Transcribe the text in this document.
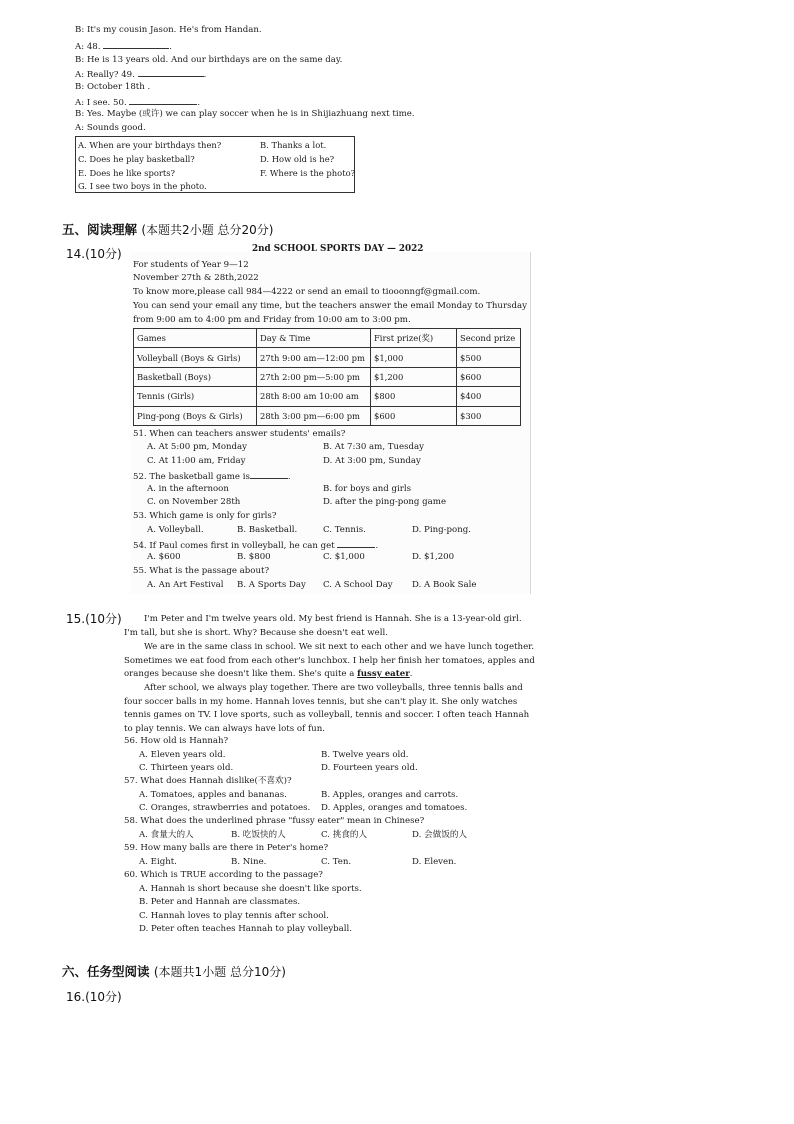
B: It's my cousin Jason. He's from Handan.
A: 48.	.
B: He is 13 years old. And our birthdays are on the same day.
A: Really? 49.	.
B: October 18th .
A: I see. 50.	.
B: Yes. Maybe (或许) we can play soccer when he is in Shijiazhuang next time.
A: Sounds good.
A. When are your birthdays then?	B. Thanks a lot.
C. Does he play basketball?	D. How old is he?
E. Does he like sports?	F. Where is the photo?
G. I see two boys in the photo.
五、阅读理解 (本题共2小题 总分20分)
14.(10分)	2nd SCHOOL SPORTS DAY — 2022
For students of Year 9—12
November 27th & 28th,2022
To know more,please call 984—4222 or send an email to tiooonngf@gmail.com.
You can send your email any time, but the teachers answer the email Monday to Thursday
from 9:00 am to 4:00 pm and Friday from 10:00 am to 3:00 pm.
Games	Day & Time	First prize(奖)	Second prize
Volleyball (Boys & Girls)	27th 9:00 am—12:00 pm	$1,000	$500
Basketball (Boys)	27th 2:00 pm—5:00 pm	$1,200	$600
Tennis (Girls)	28th 8:00 am 10:00 am	$800	$400
Ping-pong (Boys & Girls)	28th 3:00 pm—6:00 pm	$600	$300
51. When can teachers answer students' emails?
A. At 5:00 pm, Monday	B. At 7:30 am, Tuesday
C. At 11:00 am, Friday	D. At 3:00 pm, Sunday
52. The basketball game is	.
A. in the afternoon	B. for boys and girls
C. on November 28th	D. after the ping-pong game
53. Which game is only for girls?
A. Volleyball.	B. Basketball.	C. Tennis.	D. Ping-pong.
54. If Paul comes first in volleyball, he can get	.
A. $600	B. $800	C. $1,000	D. $1,200
55. What is the passage about?
A. An Art Festival B. A Sports Day C. A School Day D. A Book Sale
15.(10分)	I'm Peter and I'm twelve years old. My best friend is Hannah. She is a 13-year-old girl.
I'm tall, but she is short. Why? Because she doesn't eat well.
We are in the same class in school. We sit next to each other and we have lunch together.
Sometimes we eat food from each other's lunchbox. I help her finish her tomatoes, apples and
oranges because she doesn't like them. She's quite a fussy eater.
After school, we always play together. There are two volleyballs, three tennis balls and
four soccer balls in my home. Hannah loves tennis, but she can't play it. She only watches
tennis games on TV. I love sports, such as volleyball, tennis and soccer. I often teach Hannah
to play tennis. We can always have lots of fun.
56. How old is Hannah?
A. Eleven years old.	B. Twelve years old.
C. Thirteen years old.	D. Fourteen years old.
57. What does Hannah dislike(不喜欢)?
A. Tomatoes, apples and bananas.	B. Apples, oranges and carrots.
C. Oranges, strawberries and potatoes. D. Apples, oranges and tomatoes.
58. What does the underlined phrase "fussy eater" mean in Chinese?
A. 食量大的人	B. 吃饭快的人	C. 挑食的人	D. 会做饭的人
59. How many balls are there in Peter's home?
A. Eight.	B. Nine.	C. Ten.	D. Eleven.
60. Which is TRUE according to the passage?
A. Hannah is short because she doesn't like sports.
B. Peter and Hannah are classmates.
C. Hannah loves to play tennis after school.
D. Peter often teaches Hannah to play volleyball.
六、任务型阅读 (本题共1小题 总分10分)
16.(10分)
